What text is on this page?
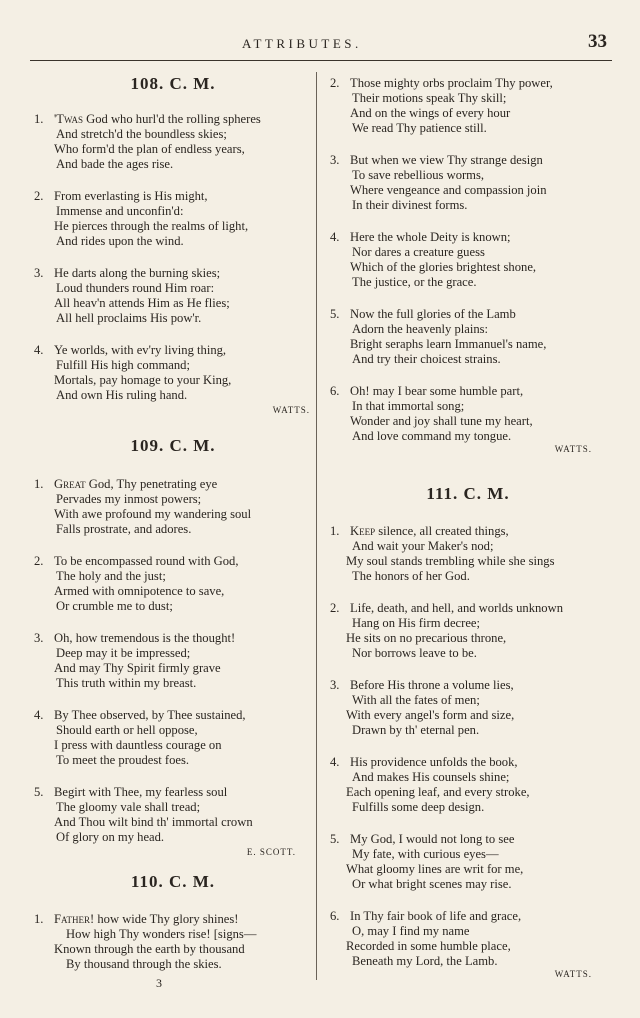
ATTRIBUTES.	33
108. C. M.
1. 'Twas God who hurl'd the rolling spheres
And stretch'd the boundless skies;
Who form'd the plan of endless years,
And bade the ages rise.
2. From everlasting is His might,
Immense and unconfin'd:
He pierces through the realms of light,
And rides upon the wind.
3. He darts along the burning skies;
Loud thunders round Him roar:
All heav'n attends Him as He flies;
All hell proclaims His pow'r.
4. Ye worlds, with ev'ry living thing,
Fulfill His high command;
Mortals, pay homage to your King,
And own His ruling hand.
WATTS.
109. C. M.
1. Great God, Thy penetrating eye
Pervades my inmost powers;
With awe profound my wandering soul
Falls prostrate, and adores.
2. To be encompassed round with God,
The holy and the just;
Armed with omnipotence to save,
Or crumble me to dust;
3. Oh, how tremendous is the thought!
Deep may it be impressed;
And may Thy Spirit firmly grave
This truth within my breast.
4. By Thee observed, by Thee sustained,
Should earth or hell oppose,
I press with dauntless courage on
To meet the proudest foes.
5. Begirt with Thee, my fearless soul
The gloomy vale shall tread;
And Thou wilt bind th' immortal crown
Of glory on my head.
E. SCOTT.
110. C. M.
1. Father! how wide Thy glory shines!
How high Thy wonders rise! [signs—
Known through the earth by thousand
By thousand through the skies.
2. Those mighty orbs proclaim Thy power,
Their motions speak Thy skill;
And on the wings of every hour
We read Thy patience still.
3. But when we view Thy strange design
To save rebellious worms,
Where vengeance and compassion join
In their divinest forms.
4. Here the whole Deity is known;
Nor dares a creature guess
Which of the glories brightest shone,
The justice, or the grace.
5. Now the full glories of the Lamb
Adorn the heavenly plains:
Bright seraphs learn Immanuel's name,
And try their choicest strains.
6. Oh! may I bear some humble part,
In that immortal song;
Wonder and joy shall tune my heart,
And love command my tongue.
WATTS.
111. C. M.
1. Keep silence, all created things,
And wait your Maker's nod;
My soul stands trembling while she sings
The honors of her God.
2. Life, death, and hell, and worlds unknown
Hang on His firm decree;
He sits on no precarious throne,
Nor borrows leave to be.
3. Before His throne a volume lies,
With all the fates of men;
With every angel's form and size,
Drawn by th' eternal pen.
4. His providence unfolds the book,
And makes His counsels shine;
Each opening leaf, and every stroke,
Fulfills some deep design.
5. My God, I would not long to see
My fate, with curious eyes—
What gloomy lines are writ for me,
Or what bright scenes may rise.
6. In Thy fair book of life and grace,
O, may I find my name
Recorded in some humble place,
Beneath my Lord, the Lamb.
WATTS.
3
